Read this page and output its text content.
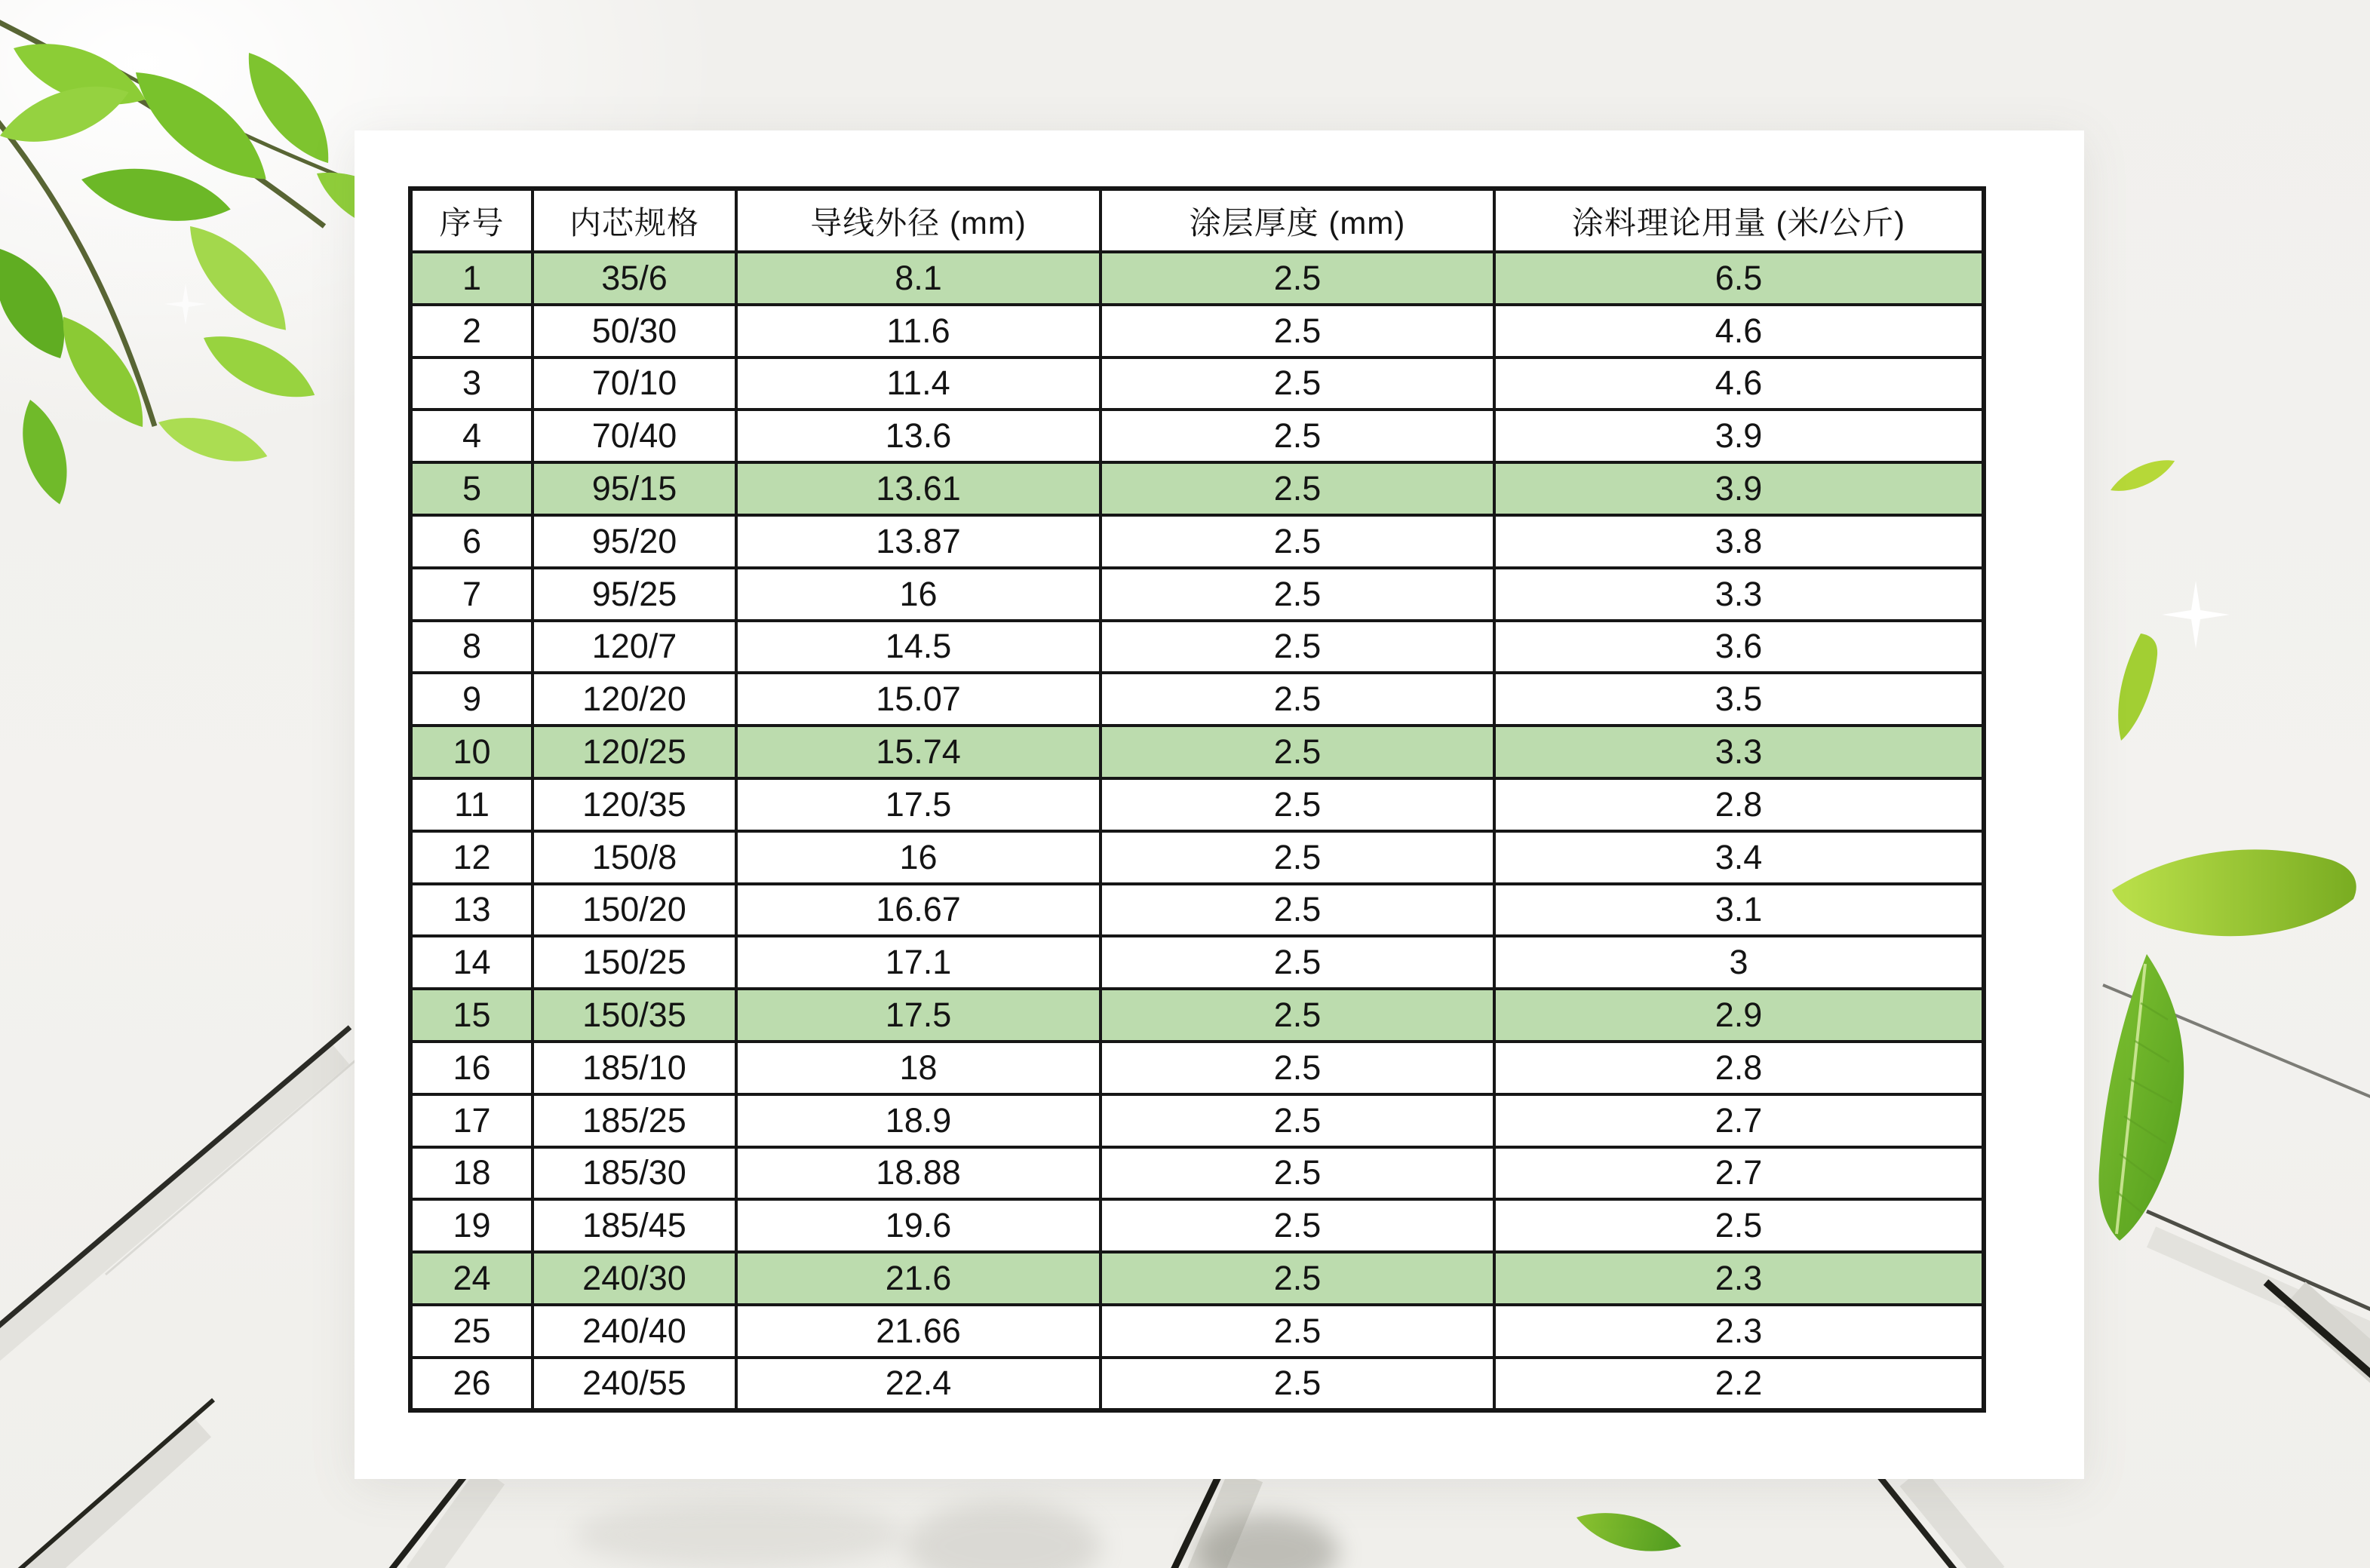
序号	内芯规格	导线外径 (mm)	涂层厚度 (mm)	涂料理论用量 (米/公斤)
1	35/6	8.1	2.5	6.5
2	50/30	11.6	2.5	4.6
3	70/10	11.4	2.5	4.6
4	70/40	13.6	2.5	3.9
5	95/15	13.61	2.5	3.9
6	95/20	13.87	2.5	3.8
7	95/25	16	2.5	3.3
8	120/7	14.5	2.5	3.6
9	120/20	15.07	2.5	3.5
10	120/25	15.74	2.5	3.3
11	120/35	17.5	2.5	2.8
12	150/8	16	2.5	3.4
13	150/20	16.67	2.5	3.1
14	150/25	17.1	2.5	3
15	150/35	17.5	2.5	2.9
16	185/10	18	2.5	2.8
17	185/25	18.9	2.5	2.7
18	185/30	18.88	2.5	2.7
19	185/45	19.6	2.5	2.5
24	240/30	21.6	2.5	2.3
25	240/40	21.66	2.5	2.3
26	240/55	22.4	2.5	2.2
